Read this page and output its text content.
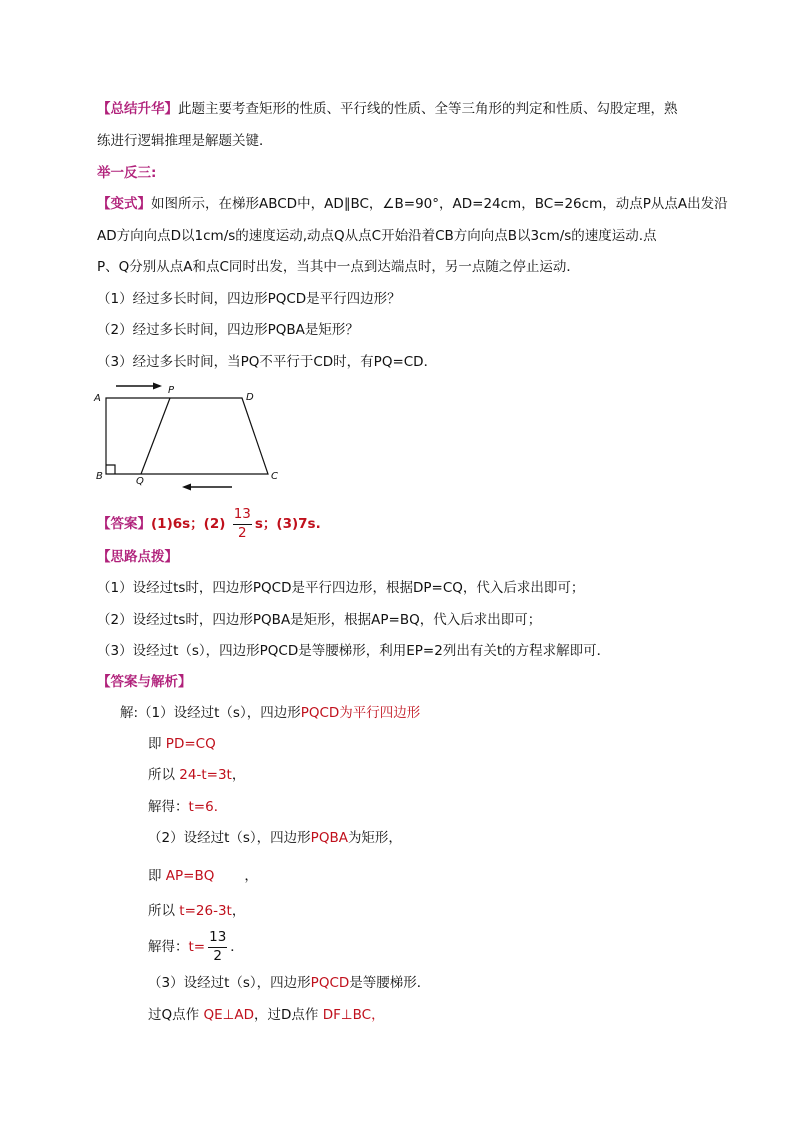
【总结升华】此题主要考查矩形的性质、平行线的性质、全等三角形的判定和性质、勾股定理，熟
练进行逻辑推理是解题关键．
举一反三:
【变式】如图所示，在梯形ABCD中，AD∥BC，∠B=90°，AD=24cm，BC=26cm，动点P从点A出发沿
AD方向向点D以1cm/s的速度运动,动点Q从点C开始沿着CB方向向点B以3cm/s的速度运动.点
P、Q分别从点A和点C同时出发，当其中一点到达端点时，另一点随之停止运动．
（1）经过多长时间，四边形PQCD是平行四边形？
（2）经过多长时间，四边形PQBA是矩形？
（3）经过多长时间，当PQ不平行于CD时，有PQ=CD．
A
P
D
B	Q	C
【答案】(1)6s；$(2) \frac{13}{2}$ s；(3)7s.
【思路点拨】
（1）设经过ts时，四边形PQCD是平行四边形，根据DP=CQ，代入后求出即可；
（2）设经过ts时，四边形PQBA是矩形，根据AP=BQ，代入后求出即可；
（3）设经过t（s），四边形PQCD是等腰梯形，利用EP=2列出有关t的方程求解即可．
【答案与解析】
解:（1）设经过t（s），四边形PQCD为平行四边形
即 PD=CQ
所以 24-t=3t，
解得：t=6．
（2）设经过t（s），四边形PQBA为矩形，
即 AP=BQ ，
所以 t=26-3t，
解得：$t= \frac{13}{2}$ ．
（3）设经过t（s），四边形PQCD是等腰梯形．
过Q点作 QE⊥AD，过D点作 DF⊥BC，
